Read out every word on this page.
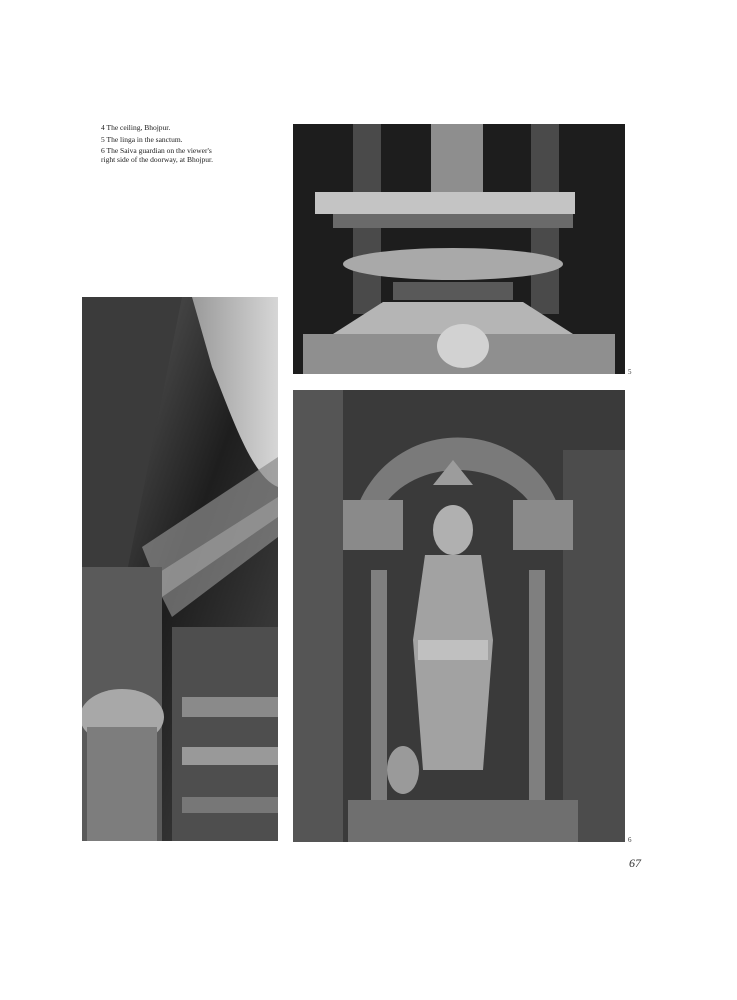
4 The ceiling, Bhojpur.

5 The linga in the sanctum.

6 The Saiva guardian on the viewer's right side of the doorway, at Bhojpur.

5
6
67
